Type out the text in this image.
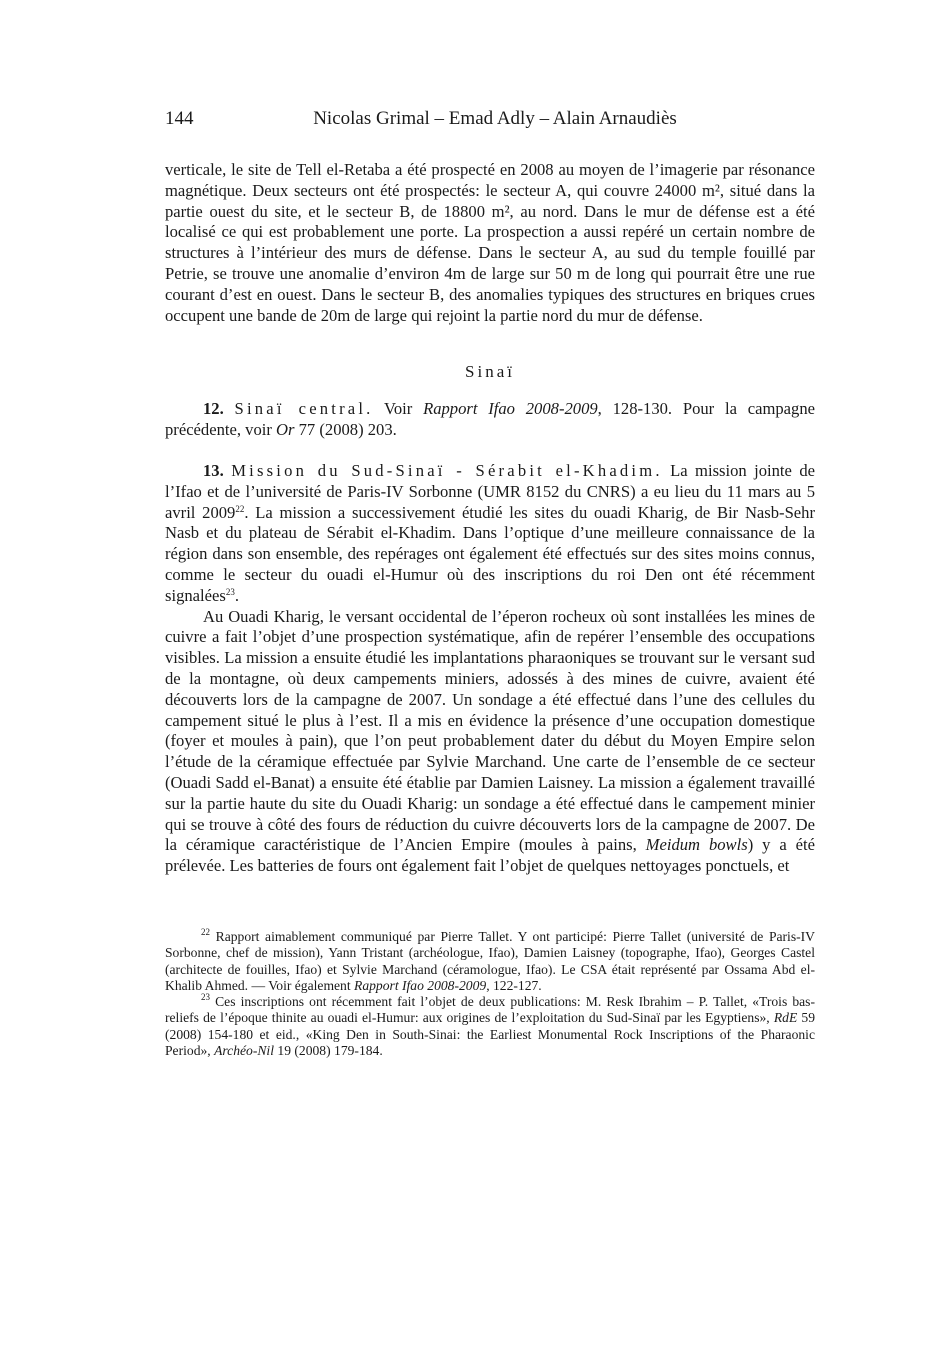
144	Nicolas Grimal – Emad Adly – Alain Arnaudiès

verticale, le site de Tell el-Retaba a été prospecté en 2008 au moyen de l’imagerie par résonance magnétique. Deux secteurs ont été prospectés: le secteur A, qui couvre 24000 m², situé dans la partie ouest du site, et le secteur B, de 18800 m², au nord. Dans le mur de défense est a été localisé ce qui est probablement une porte. La prospection a aussi repéré un certain nombre de structures à l’intérieur des murs de défense. Dans le secteur A, au sud du temple fouillé par Petrie, se trouve une anomalie d’environ 4m de large sur 50 m de long qui pourrait être une rue courant d’est en ouest. Dans le secteur B, des anomalies typiques des structures en briques crues occupent une bande de 20m de large qui rejoint la partie nord du mur de défense.

Sinaï

12. Sinaï central. Voir Rapport Ifao 2008-2009, 128-130. Pour la campagne précédente, voir Or 77 (2008) 203.

13. Mission du Sud-Sinaï - Sérabit el-Khadim. La mission jointe de l’Ifao et de l’université de Paris-IV Sorbonne (UMR 8152 du CNRS) a eu lieu du 11 mars au 5 avril 2009$^{22}$. La mission a successivement étudié les sites du ouadi Kharig, de Bir Nasb-Sehr Nasb et du plateau de Sérabit el-Khadim. Dans l’optique d’une meilleure connaissance de la région dans son ensemble, des repérages ont également été effectués sur des sites moins connus, comme le secteur du ouadi el-Humur où des inscriptions du roi Den ont été récemment signalées$^{23}$.

Au Ouadi Kharig, le versant occidental de l’éperon rocheux où sont installées les mines de cuivre a fait l’objet d’une prospection systématique, afin de repérer l’ensemble des occupations visibles. La mission a ensuite étudié les implantations pharaoniques se trouvant sur le versant sud de la montagne, où deux campements miniers, adossés à des mines de cuivre, avaient été découverts lors de la campagne de 2007. Un sondage a été effectué dans l’une des cellules du campement situé le plus à l’est. Il a mis en évidence la présence d’une occupation domestique (foyer et moules à pain), que l’on peut probablement dater du début du Moyen Empire selon l’étude de la céramique effectuée par Sylvie Marchand. Une carte de l’ensemble de ce secteur (Ouadi Sadd el-Banat) a ensuite été établie par Damien Laisney. La mission a également travaillé sur la partie haute du site du Ouadi Kharig: un sondage a été effectué dans le campement minier qui se trouve à côté des fours de réduction du cuivre découverts lors de la campagne de 2007. De la céramique caractéristique de l’Ancien Empire (moules à pains, Meidum bowls) y a été prélevée. Les batteries de fours ont également fait l’objet de quelques nettoyages ponctuels, et

$^{22}$ Rapport aimablement communiqué par Pierre Tallet. Y ont participé: Pierre Tallet (université de Paris-IV Sorbonne, chef de mission), Yann Tristant (archéologue, Ifao), Damien Laisney (topographe, Ifao), Georges Castel (architecte de fouilles, Ifao) et Sylvie Marchand (céramologue, Ifao). Le CSA était représenté par Ossama Abd el-Khalib Ahmed. — Voir également Rapport Ifao 2008-2009, 122-127.

$^{23}$ Ces inscriptions ont récemment fait l’objet de deux publications: M. Resk Ibrahim – P. Tallet, «Trois bas-reliefs de l’époque thinite au ouadi el-Humur: aux origines de l’exploitation du Sud-Sinaï par les Egyptiens», RdE 59 (2008) 154-180 et eid., «King Den in South-Sinai: the Earliest Monumental Rock Inscriptions of the Pharaonic Period», Archéo-Nil 19 (2008) 179-184.
